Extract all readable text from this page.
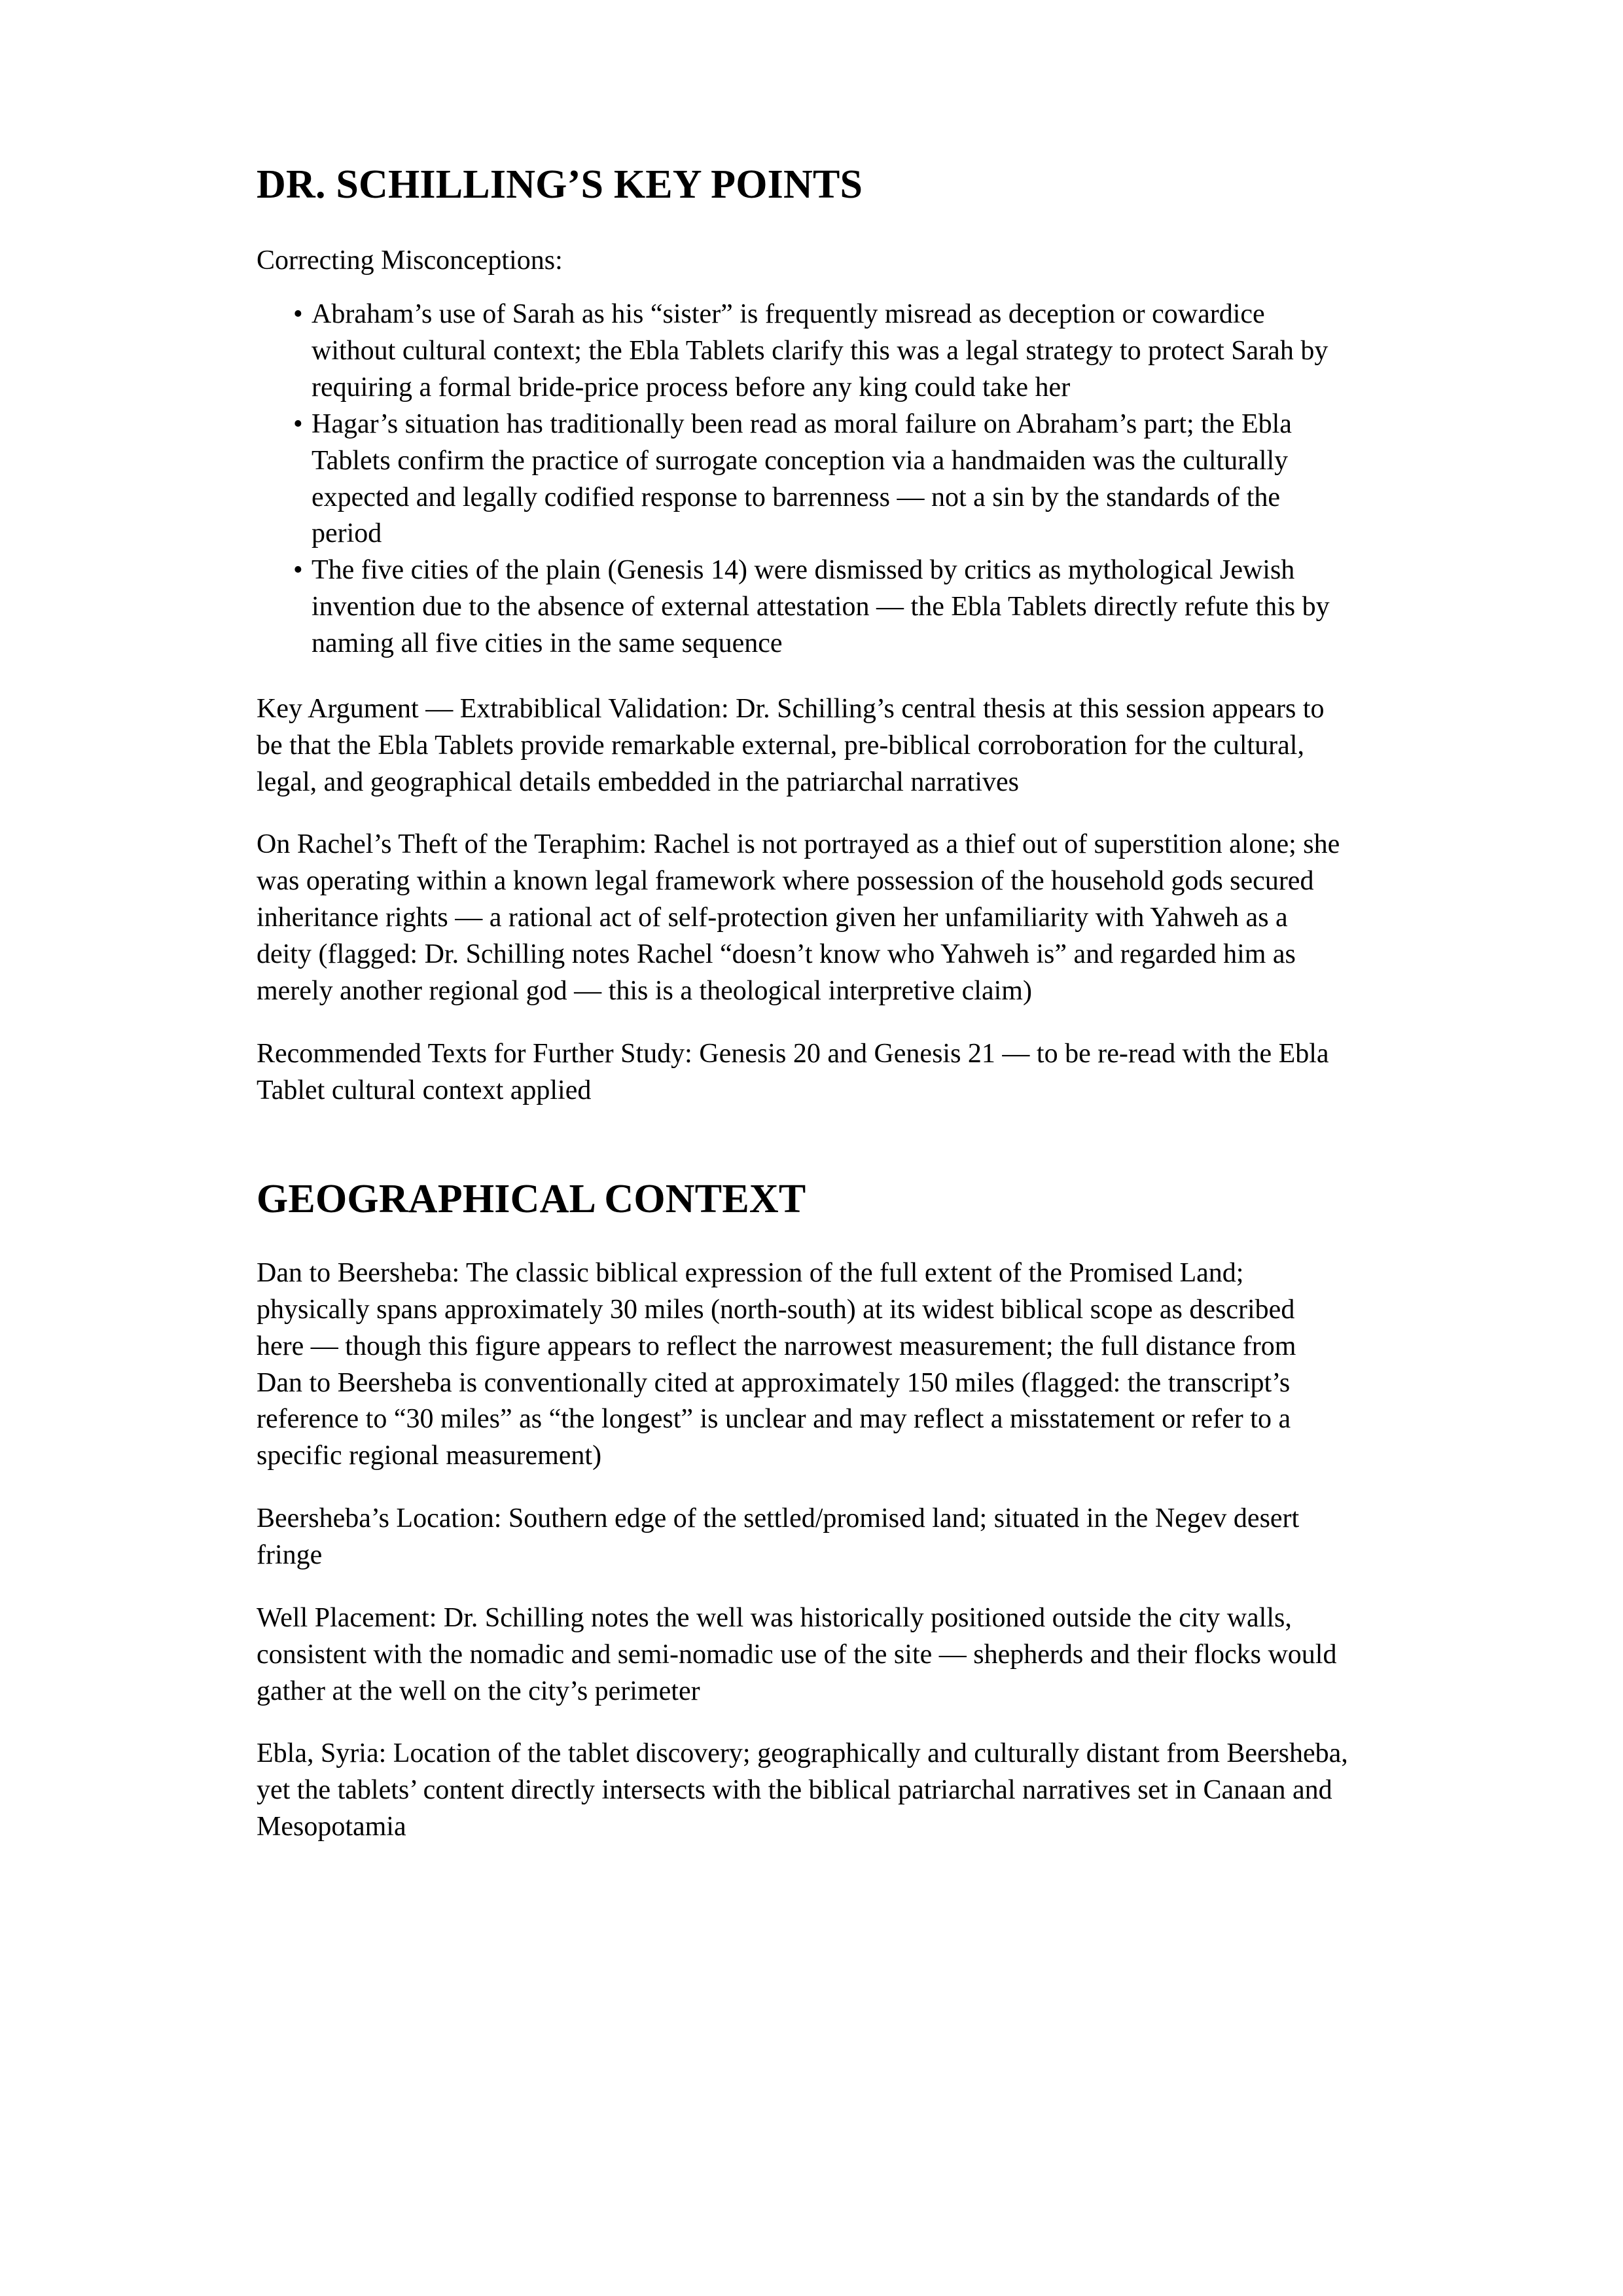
DR. SCHILLING’S KEY POINTS

Correcting Misconceptions:

• Abraham’s use of Sarah as his “sister” is frequently misread as deception or cowardice without cultural context; the Ebla Tablets clarify this was a legal strategy to protect Sarah by requiring a formal bride-price process before any king could take her
• Hagar’s situation has traditionally been read as moral failure on Abraham’s part; the Ebla Tablets confirm the practice of surrogate conception via a handmaiden was the culturally expected and legally codified response to barrenness — not a sin by the standards of the period
• The five cities of the plain (Genesis 14) were dismissed by critics as mythological Jewish invention due to the absence of external attestation — the Ebla Tablets directly refute this by naming all five cities in the same sequence

Key Argument — Extrabiblical Validation: Dr. Schilling’s central thesis at this session appears to be that the Ebla Tablets provide remarkable external, pre-biblical corroboration for the cultural, legal, and geographical details embedded in the patriarchal narratives

On Rachel’s Theft of the Teraphim: Rachel is not portrayed as a thief out of superstition alone; she was operating within a known legal framework where possession of the household gods secured inheritance rights — a rational act of self-protection given her unfamiliarity with Yahweh as a deity (flagged: Dr. Schilling notes Rachel “doesn’t know who Yahweh is” and regarded him as merely another regional god — this is a theological interpretive claim)

Recommended Texts for Further Study: Genesis 20 and Genesis 21 — to be re-read with the Ebla Tablet cultural context applied

GEOGRAPHICAL CONTEXT

Dan to Beersheba: The classic biblical expression of the full extent of the Promised Land; physically spans approximately 30 miles (north-south) at its widest biblical scope as described here — though this figure appears to reflect the narrowest measurement; the full distance from Dan to Beersheba is conventionally cited at approximately 150 miles (flagged: the transcript’s reference to “30 miles” as “the longest” is unclear and may reflect a misstatement or refer to a specific regional measurement)

Beersheba’s Location: Southern edge of the settled/promised land; situated in the Negev desert fringe

Well Placement: Dr. Schilling notes the well was historically positioned outside the city walls, consistent with the nomadic and semi-nomadic use of the site — shepherds and their flocks would gather at the well on the city’s perimeter

Ebla, Syria: Location of the tablet discovery; geographically and culturally distant from Beersheba, yet the tablets’ content directly intersects with the biblical patriarchal narratives set in Canaan and Mesopotamia
